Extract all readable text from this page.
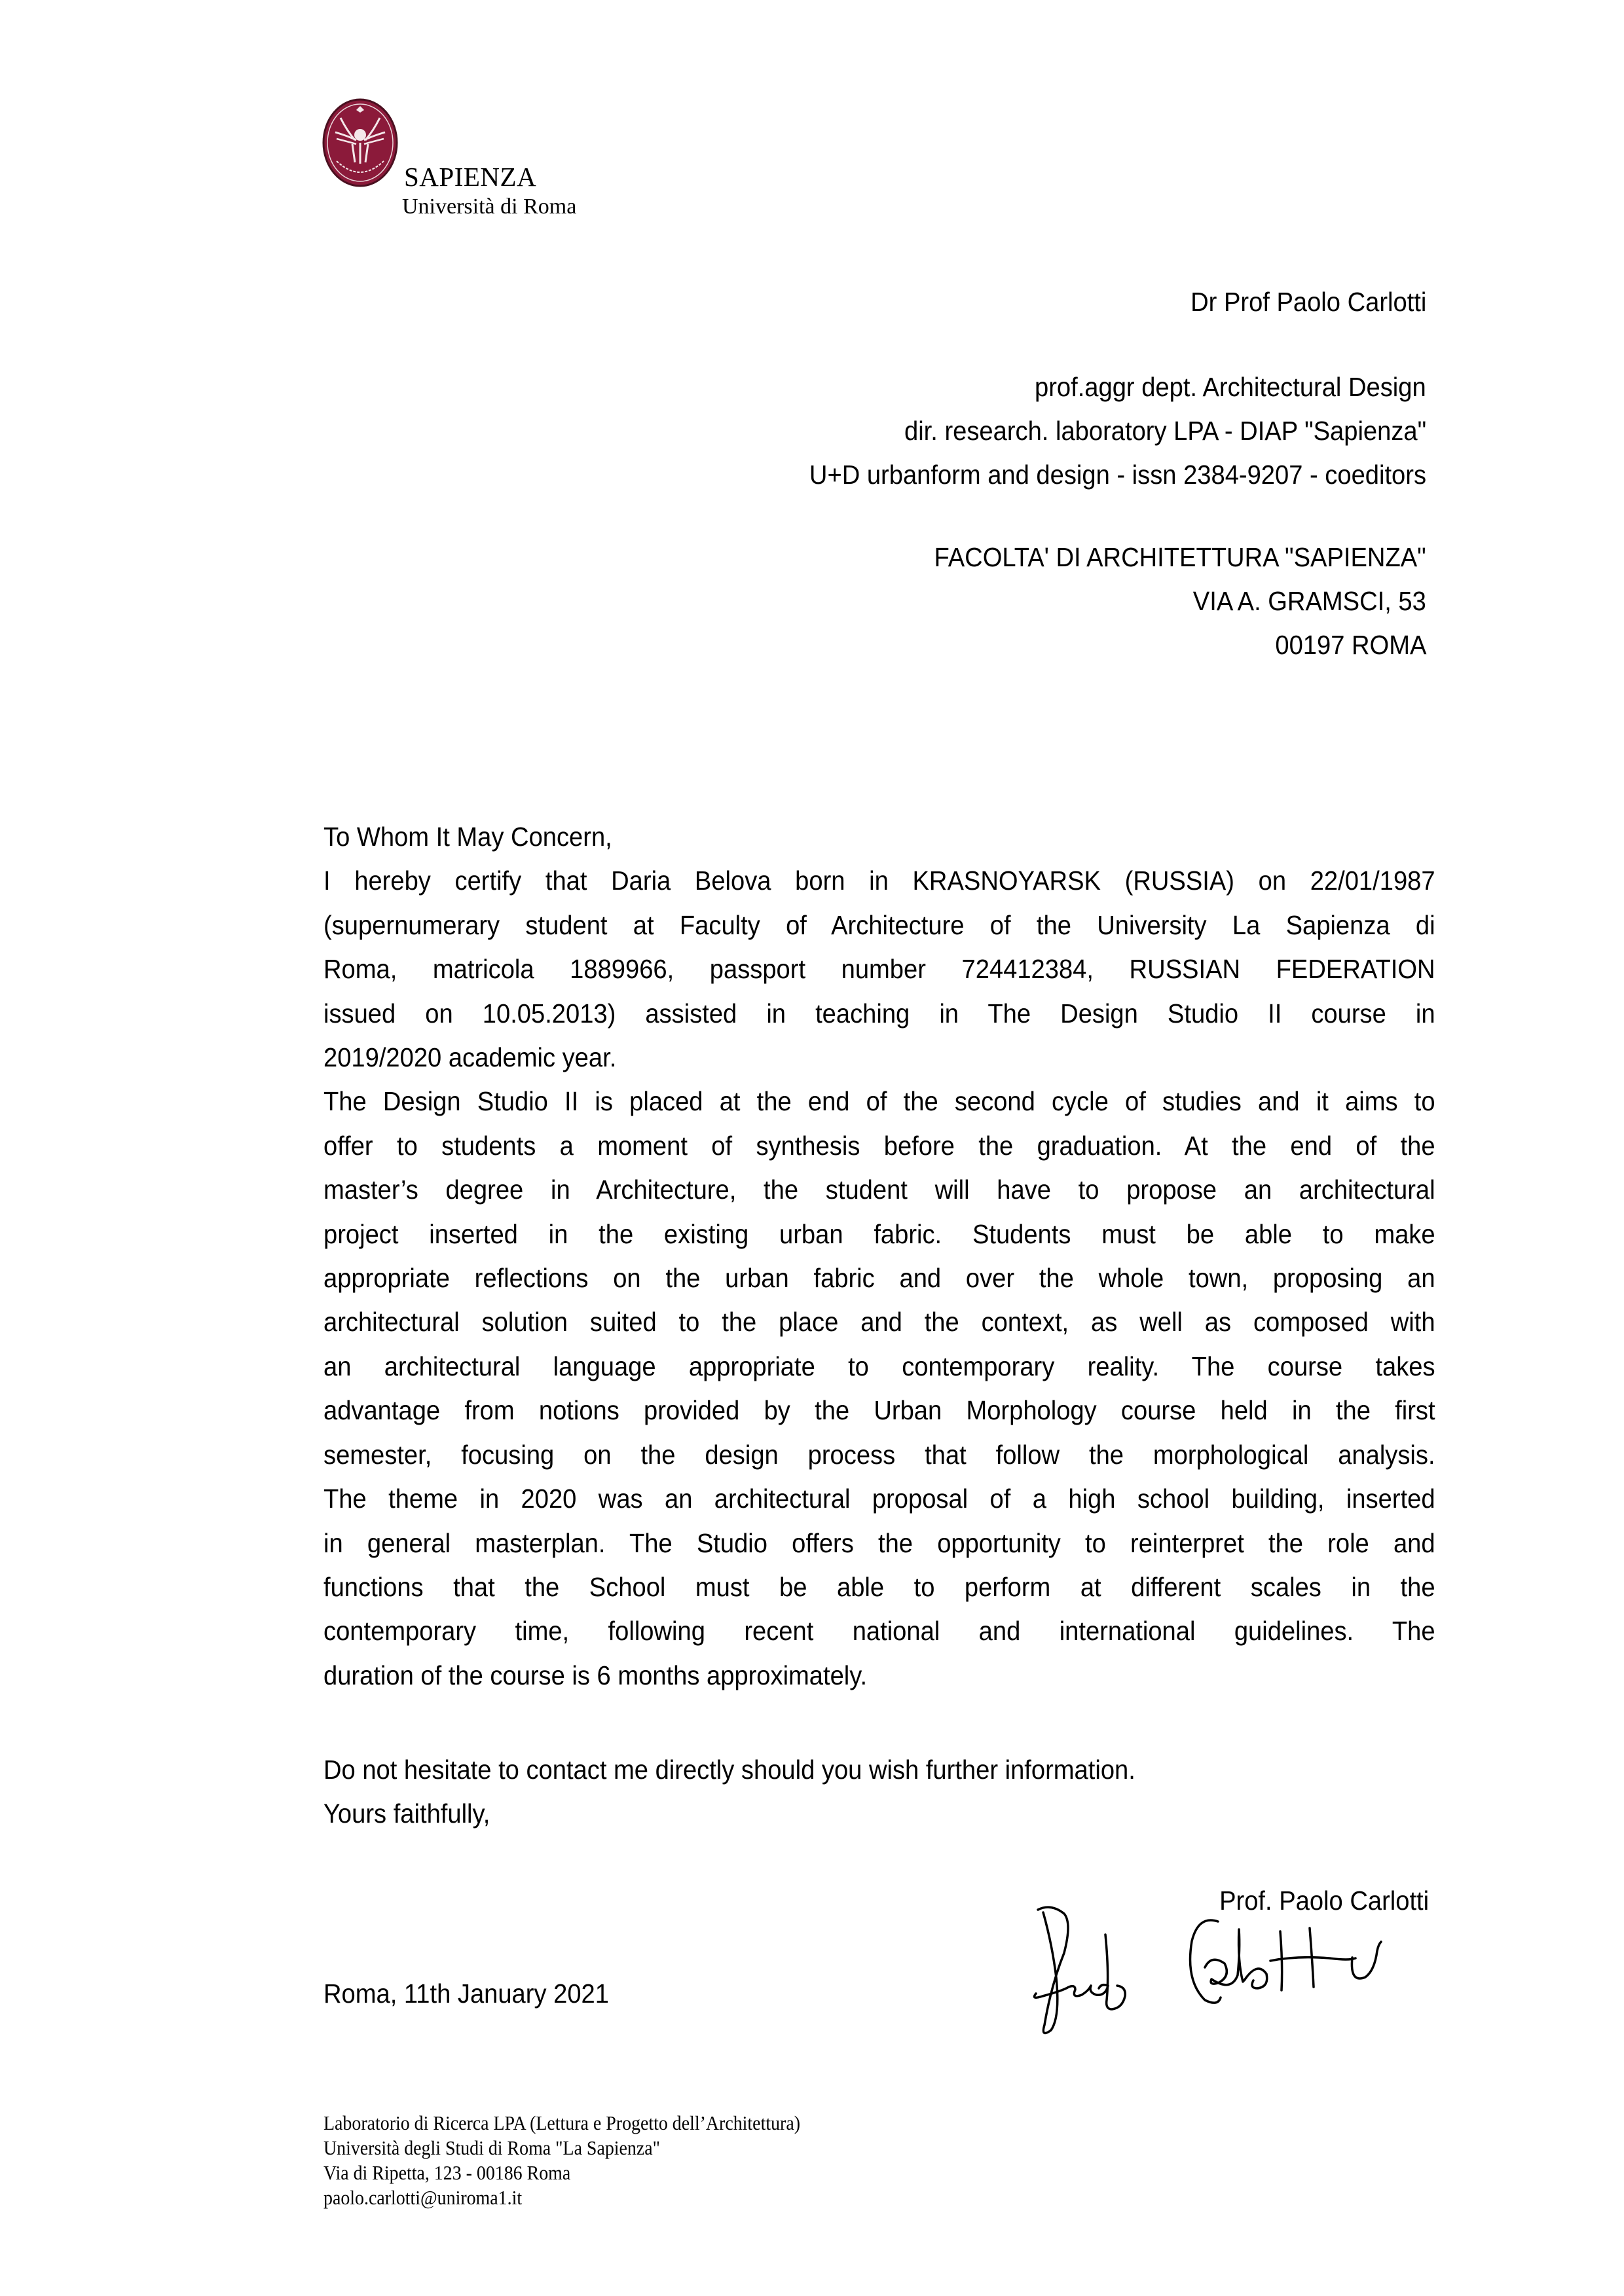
SAPIENZA
Università di Roma
Dr Prof Paolo Carlotti
prof.aggr dept. Architectural Design
dir. research. laboratory LPA - DIAP "Sapienza"
U+D urbanform and design - issn 2384-9207 - coeditors
FACOLTA' DI ARCHITETTURA "SAPIENZA"
VIA A. GRAMSCI, 53
00197 ROMA
To Whom It May Concern,
I hereby certify that Daria Belova born in KRASNOYARSK (RUSSIA) on 22/01/1987
(supernumerary student at Faculty of Architecture of the University La Sapienza di
Roma, matricola 1889966, passport number 724412384, RUSSIAN FEDERATION
issued on 10.05.2013) assisted in teaching in The Design Studio II course in
2019/2020 academic year.
The Design Studio II is placed at the end of the second cycle of studies and it aims to
offer to students a moment of synthesis before the graduation. At the end of the
master’s degree in Architecture, the student will have to propose an architectural
project inserted in the existing urban fabric. Students must be able to make
appropriate reflections on the urban fabric and over the whole town, proposing an
architectural solution suited to the place and the context, as well as composed with
an architectural language appropriate to contemporary reality. The course takes
advantage from notions provided by the Urban Morphology course held in the first
semester, focusing on the design process that follow the morphological analysis.
The theme in 2020 was an architectural proposal of a high school building, inserted
in general masterplan. The Studio offers the opportunity to reinterpret the role and
functions that the School must be able to perform at different scales in the
contemporary time, following recent national and international guidelines. The
duration of the course is 6 months approximately.
Do not hesitate to contact me directly should you wish further information.
Yours faithfully,
Prof. Paolo Carlotti
Roma, 11th January 2021
Laboratorio di Ricerca LPA (Lettura e Progetto dell’Architettura)
Università degli Studi di Roma "La Sapienza"
Via di Ripetta, 123 - 00186 Roma
paolo.carlotti@uniroma1.it
